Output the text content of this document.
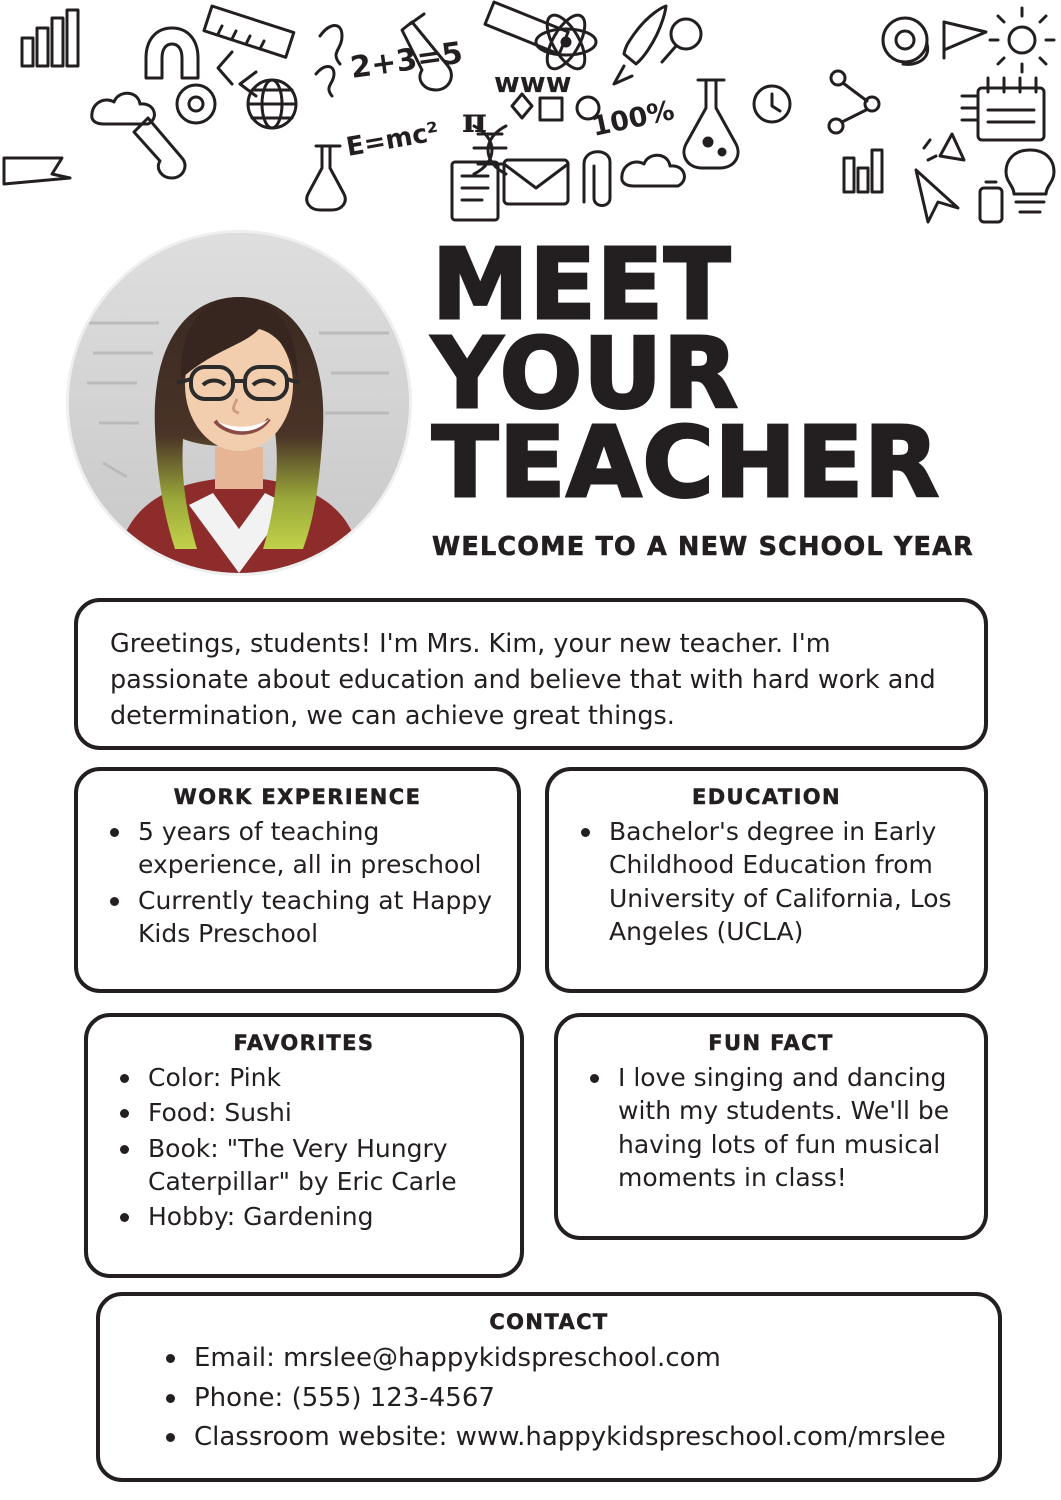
www
2+3=5
E=mc² π	100%
MEET YOUR
TEACHER
WELCOME TO A NEW SCHOOL YEAR

Greetings, students! I'm Mrs. Kim, your new teacher. I'm passionate about education and believe that with hard work and determination, we can achieve great things.

WORK EXPERIENCE
5 years of teaching experience, all in preschool
Currently teaching at Happy Kids Preschool
EDUCATION
Bachelor's degree in Early Childhood Education from University of California, Los Angeles (UCLA)
FAVORITES
Color: Pink
Food: Sushi
Book: "The Very Hungry Caterpillar" by Eric Carle
Hobby: Gardening
FUN FACT
I love singing and dancing with my students. We'll be having lots of fun musical moments in class!
CONTACT
Email: mrslee@happykidspreschool.com
Phone: (555) 123-4567
Classroom website: www.happykidspreschool.com/mrslee
